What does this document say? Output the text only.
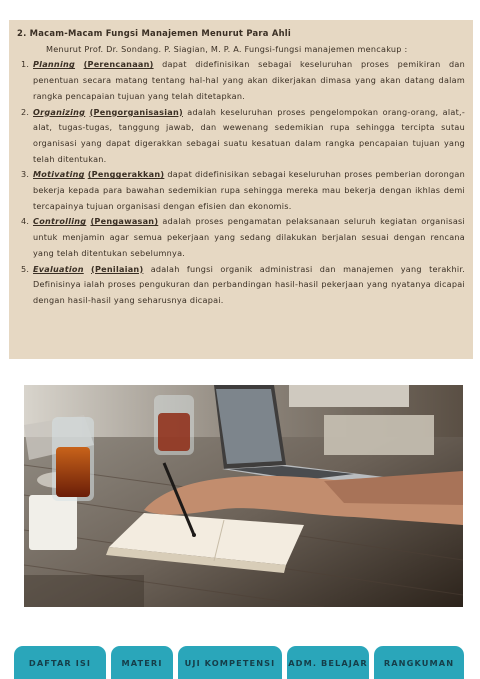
2. Macam-Macam Fungsi Manajemen Menurut Para Ahli

Menurut Prof. Dr. Sondang. P. Siagian, M. P. A. Fungsi-fungsi manajemen mencakup :

1. Planning (Perencanaan) dapat didefinisikan sebagai keseluruhan proses pemikiran dan penentuan secara matang tentang hal-hal yang akan dikerjakan dimasa yang akan datang dalam rangka pencapaian tujuan yang telah ditetapkan.

2. Organizing (Pengorganisasian) adalah keseluruhan proses pengelompokan orang-orang, alat,-alat, tugas-tugas, tanggung jawab, dan wewenang sedemikian rupa sehingga tercipta sutau organisasi yang dapat digerakkan sebagai suatu kesatuan dalam rangka pencapaian tujuan yang telah ditentukan.

3. Motivating (Penggerakkan) dapat didefinisikan sebagai keseluruhan proses pemberian dorongan bekerja kepada para bawahan sedemikian rupa sehingga mereka mau bekerja dengan ikhlas demi tercapainya tujuan organisasi dengan efisien dan ekonomis.

4. Controlling (Pengawasan) adalah proses pengamatan pelaksanaan seluruh kegiatan organisasi untuk menjamin agar semua pekerjaan yang sedang dilakukan berjalan sesuai dengan rencana yang telah ditentukan sebelumnya.

5. Evaluation (Penilaian) adalah fungsi organik administrasi dan manajemen yang terakhir. Definisinya ialah proses pengukuran dan perbandingan hasil-hasil pekerjaan yang nyatanya dicapai dengan hasil-hasil yang seharusnya dicapai.

DAFTAR ISI	MATERI	UJI KOMPETENSI	ADM. BELAJAR	RANGKUMAN
